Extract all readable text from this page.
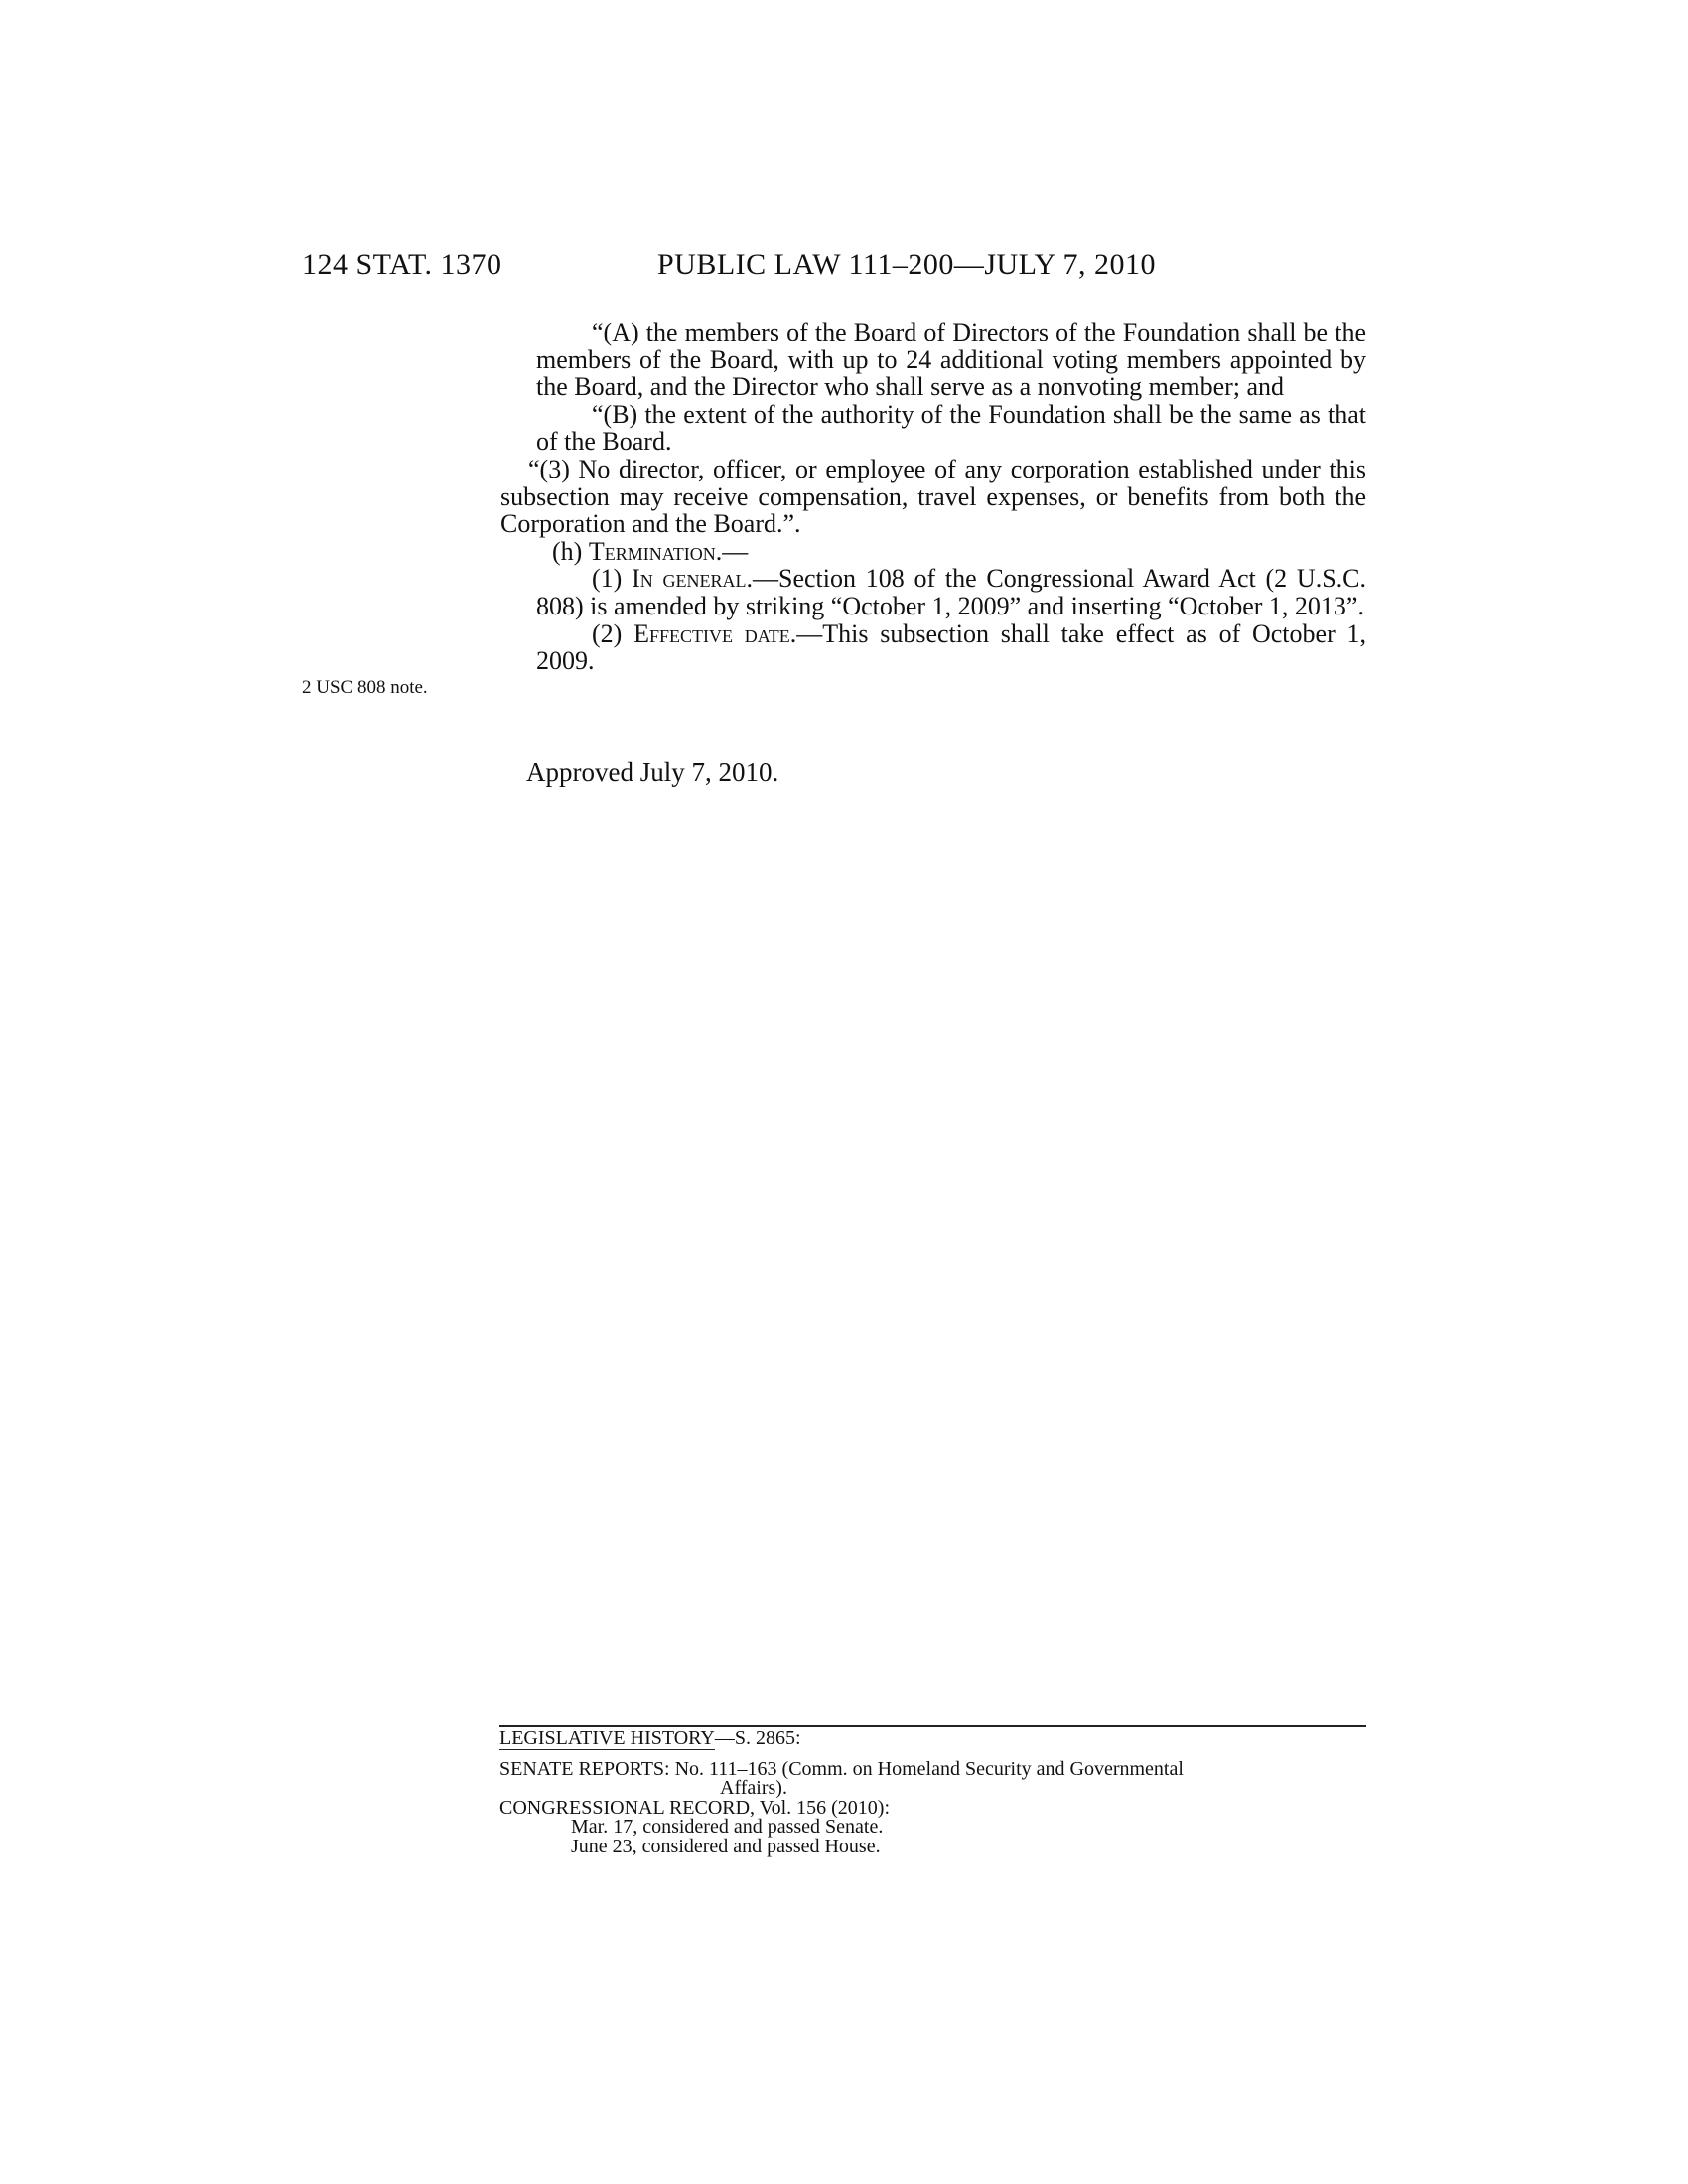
124 STAT. 1370	PUBLIC LAW 111–200—JULY 7, 2010
2 USC 808 note.

“(A) the members of the Board of Directors of the Foundation shall be the members of the Board, with up to 24 additional voting members appointed by the Board, and the Director who shall serve as a nonvoting member; and

“(B) the extent of the authority of the Foundation shall be the same as that of the Board.

“(3) No director, officer, or employee of any corporation established under this subsection may receive compensation, travel expenses, or benefits from both the Corporation and the Board.”.

(h) Termination.—

(1) In general.—Section 108 of the Congressional Award Act (2 U.S.C. 808) is amended by striking “October 1, 2009” and inserting “October 1, 2013”.

(2) Effective date.—This subsection shall take effect as of October 1, 2009.

Approved July 7, 2010.
LEGISLATIVE HISTORY—S. 2865:
SENATE REPORTS: No. 111–163 (Comm. on Homeland Security and Governmental
Affairs).
CONGRESSIONAL RECORD, Vol. 156 (2010):
Mar. 17, considered and passed Senate.
June 23, considered and passed House.
